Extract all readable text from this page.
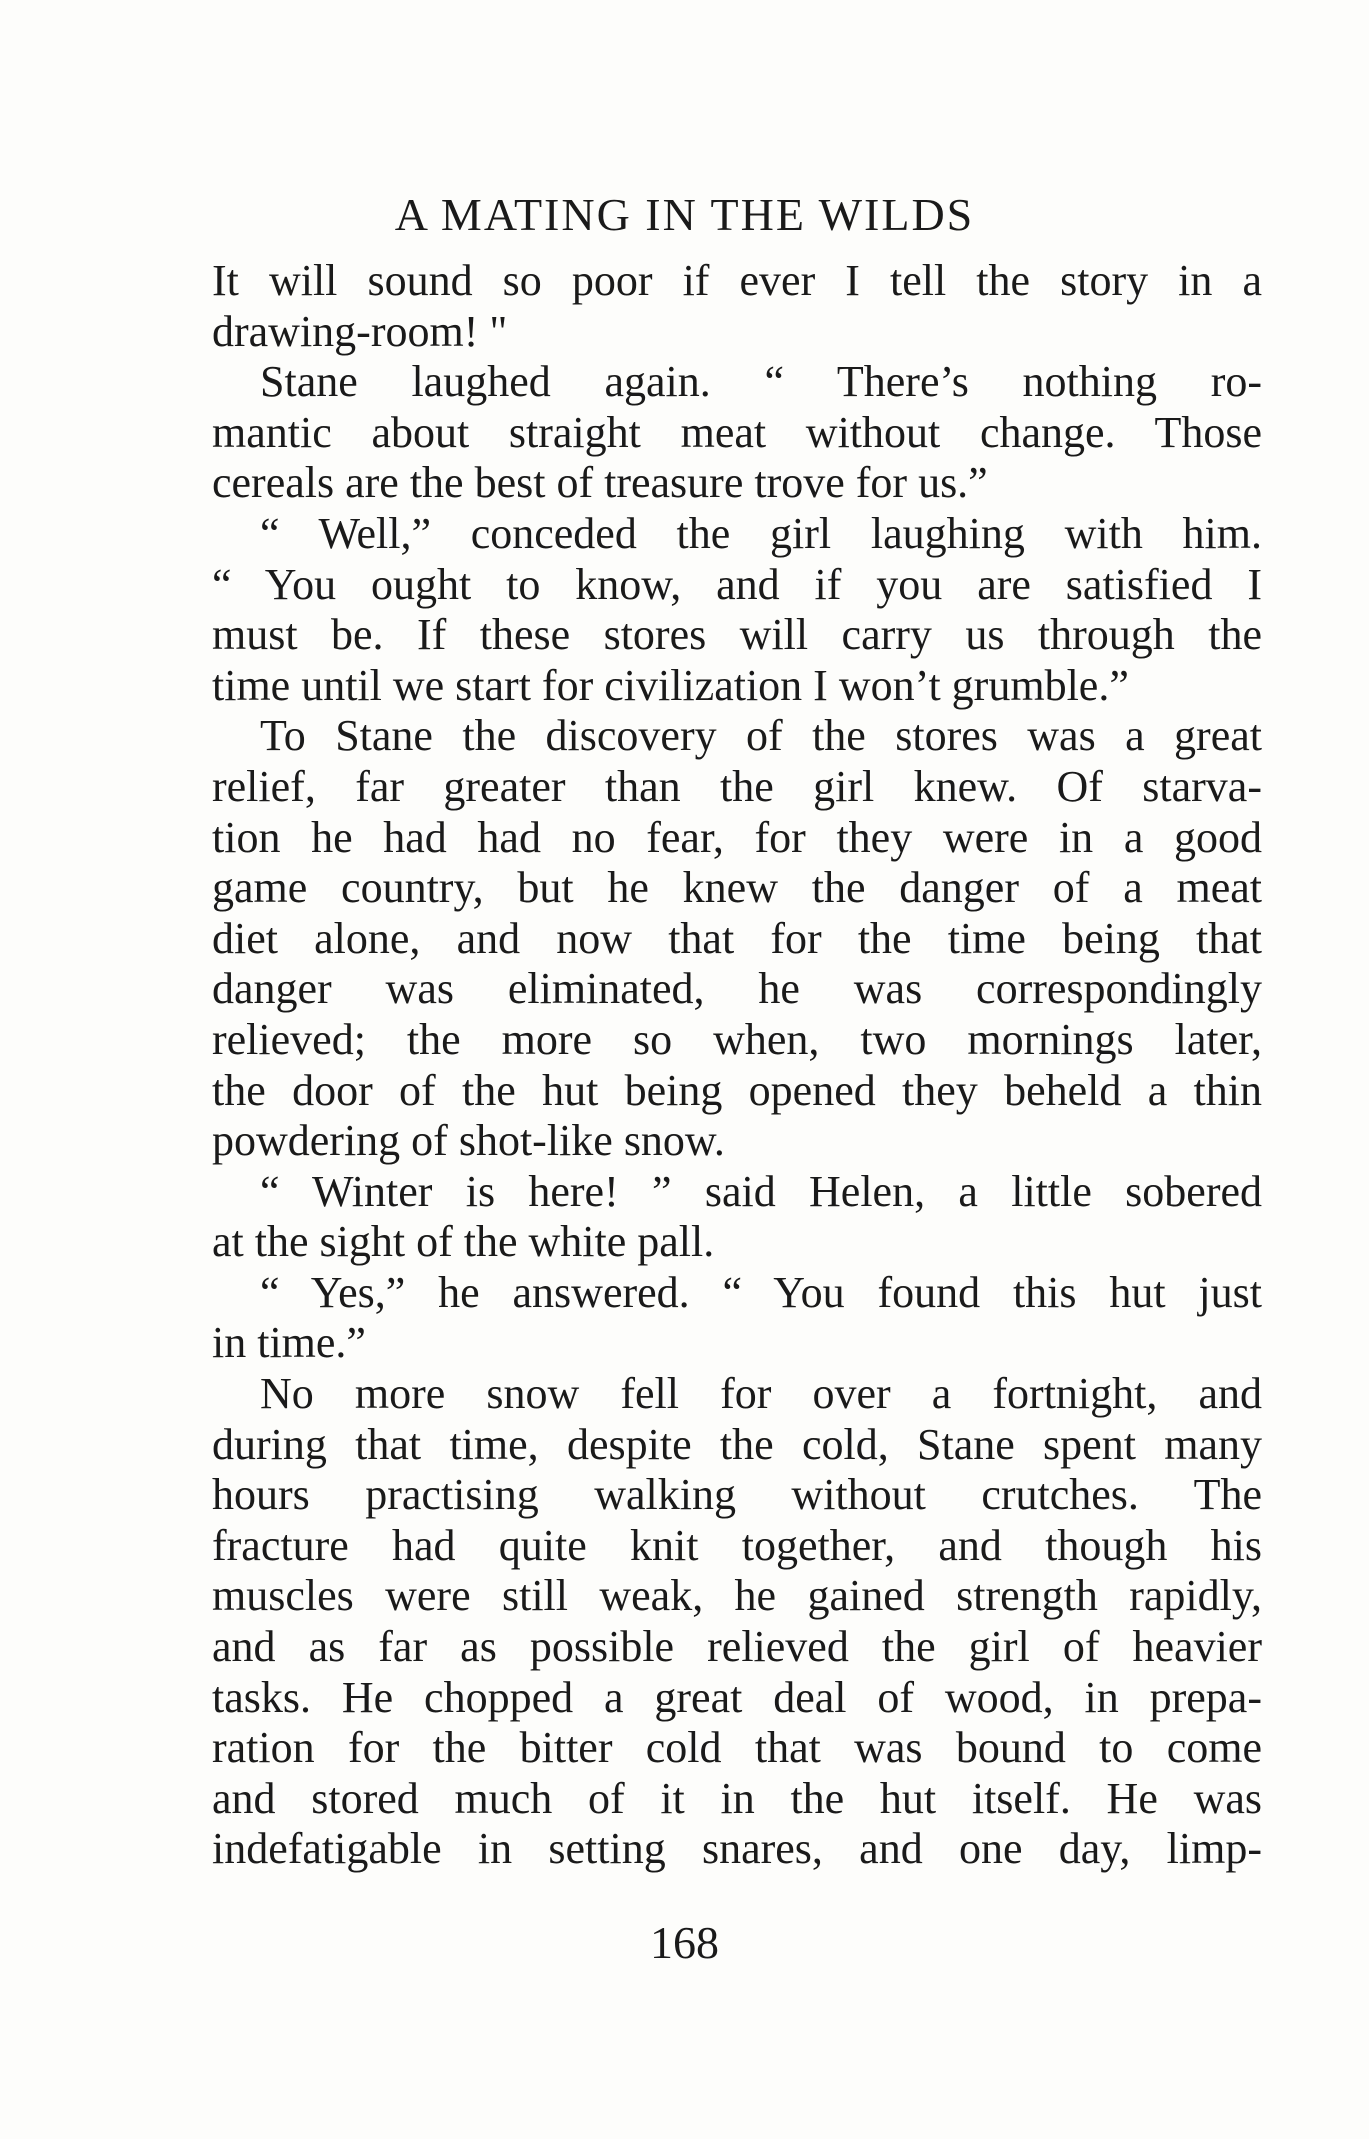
A MATING IN THE WILDS
It will sound so poor if ever I tell the story in a
drawing-room! "
Stane laughed again. “ There’s nothing ro-
mantic about straight meat without change. Those
cereals are the best of treasure trove for us.”
“ Well,” conceded the girl laughing with him.
“ You ought to know, and if you are satisfied I
must be. If these stores will carry us through the
time until we start for civilization I won’t grumble.”
To Stane the discovery of the stores was a great
relief, far greater than the girl knew. Of starva-
tion he had had no fear, for they were in a good
game country, but he knew the danger of a meat
diet alone, and now that for the time being that
danger was eliminated, he was correspondingly
relieved; the more so when, two mornings later,
the door of the hut being opened they beheld a thin
powdering of shot-like snow.
“ Winter is here! ” said Helen, a little sobered
at the sight of the white pall.
“ Yes,” he answered. “ You found this hut just
in time.”
No more snow fell for over a fortnight, and
during that time, despite the cold, Stane spent many
hours practising walking without crutches. The
fracture had quite knit together, and though his
muscles were still weak, he gained strength rapidly,
and as far as possible relieved the girl of heavier
tasks. He chopped a great deal of wood, in prepa-
ration for the bitter cold that was bound to come
and stored much of it in the hut itself. He was
indefatigable in setting snares, and one day, limp-
168
